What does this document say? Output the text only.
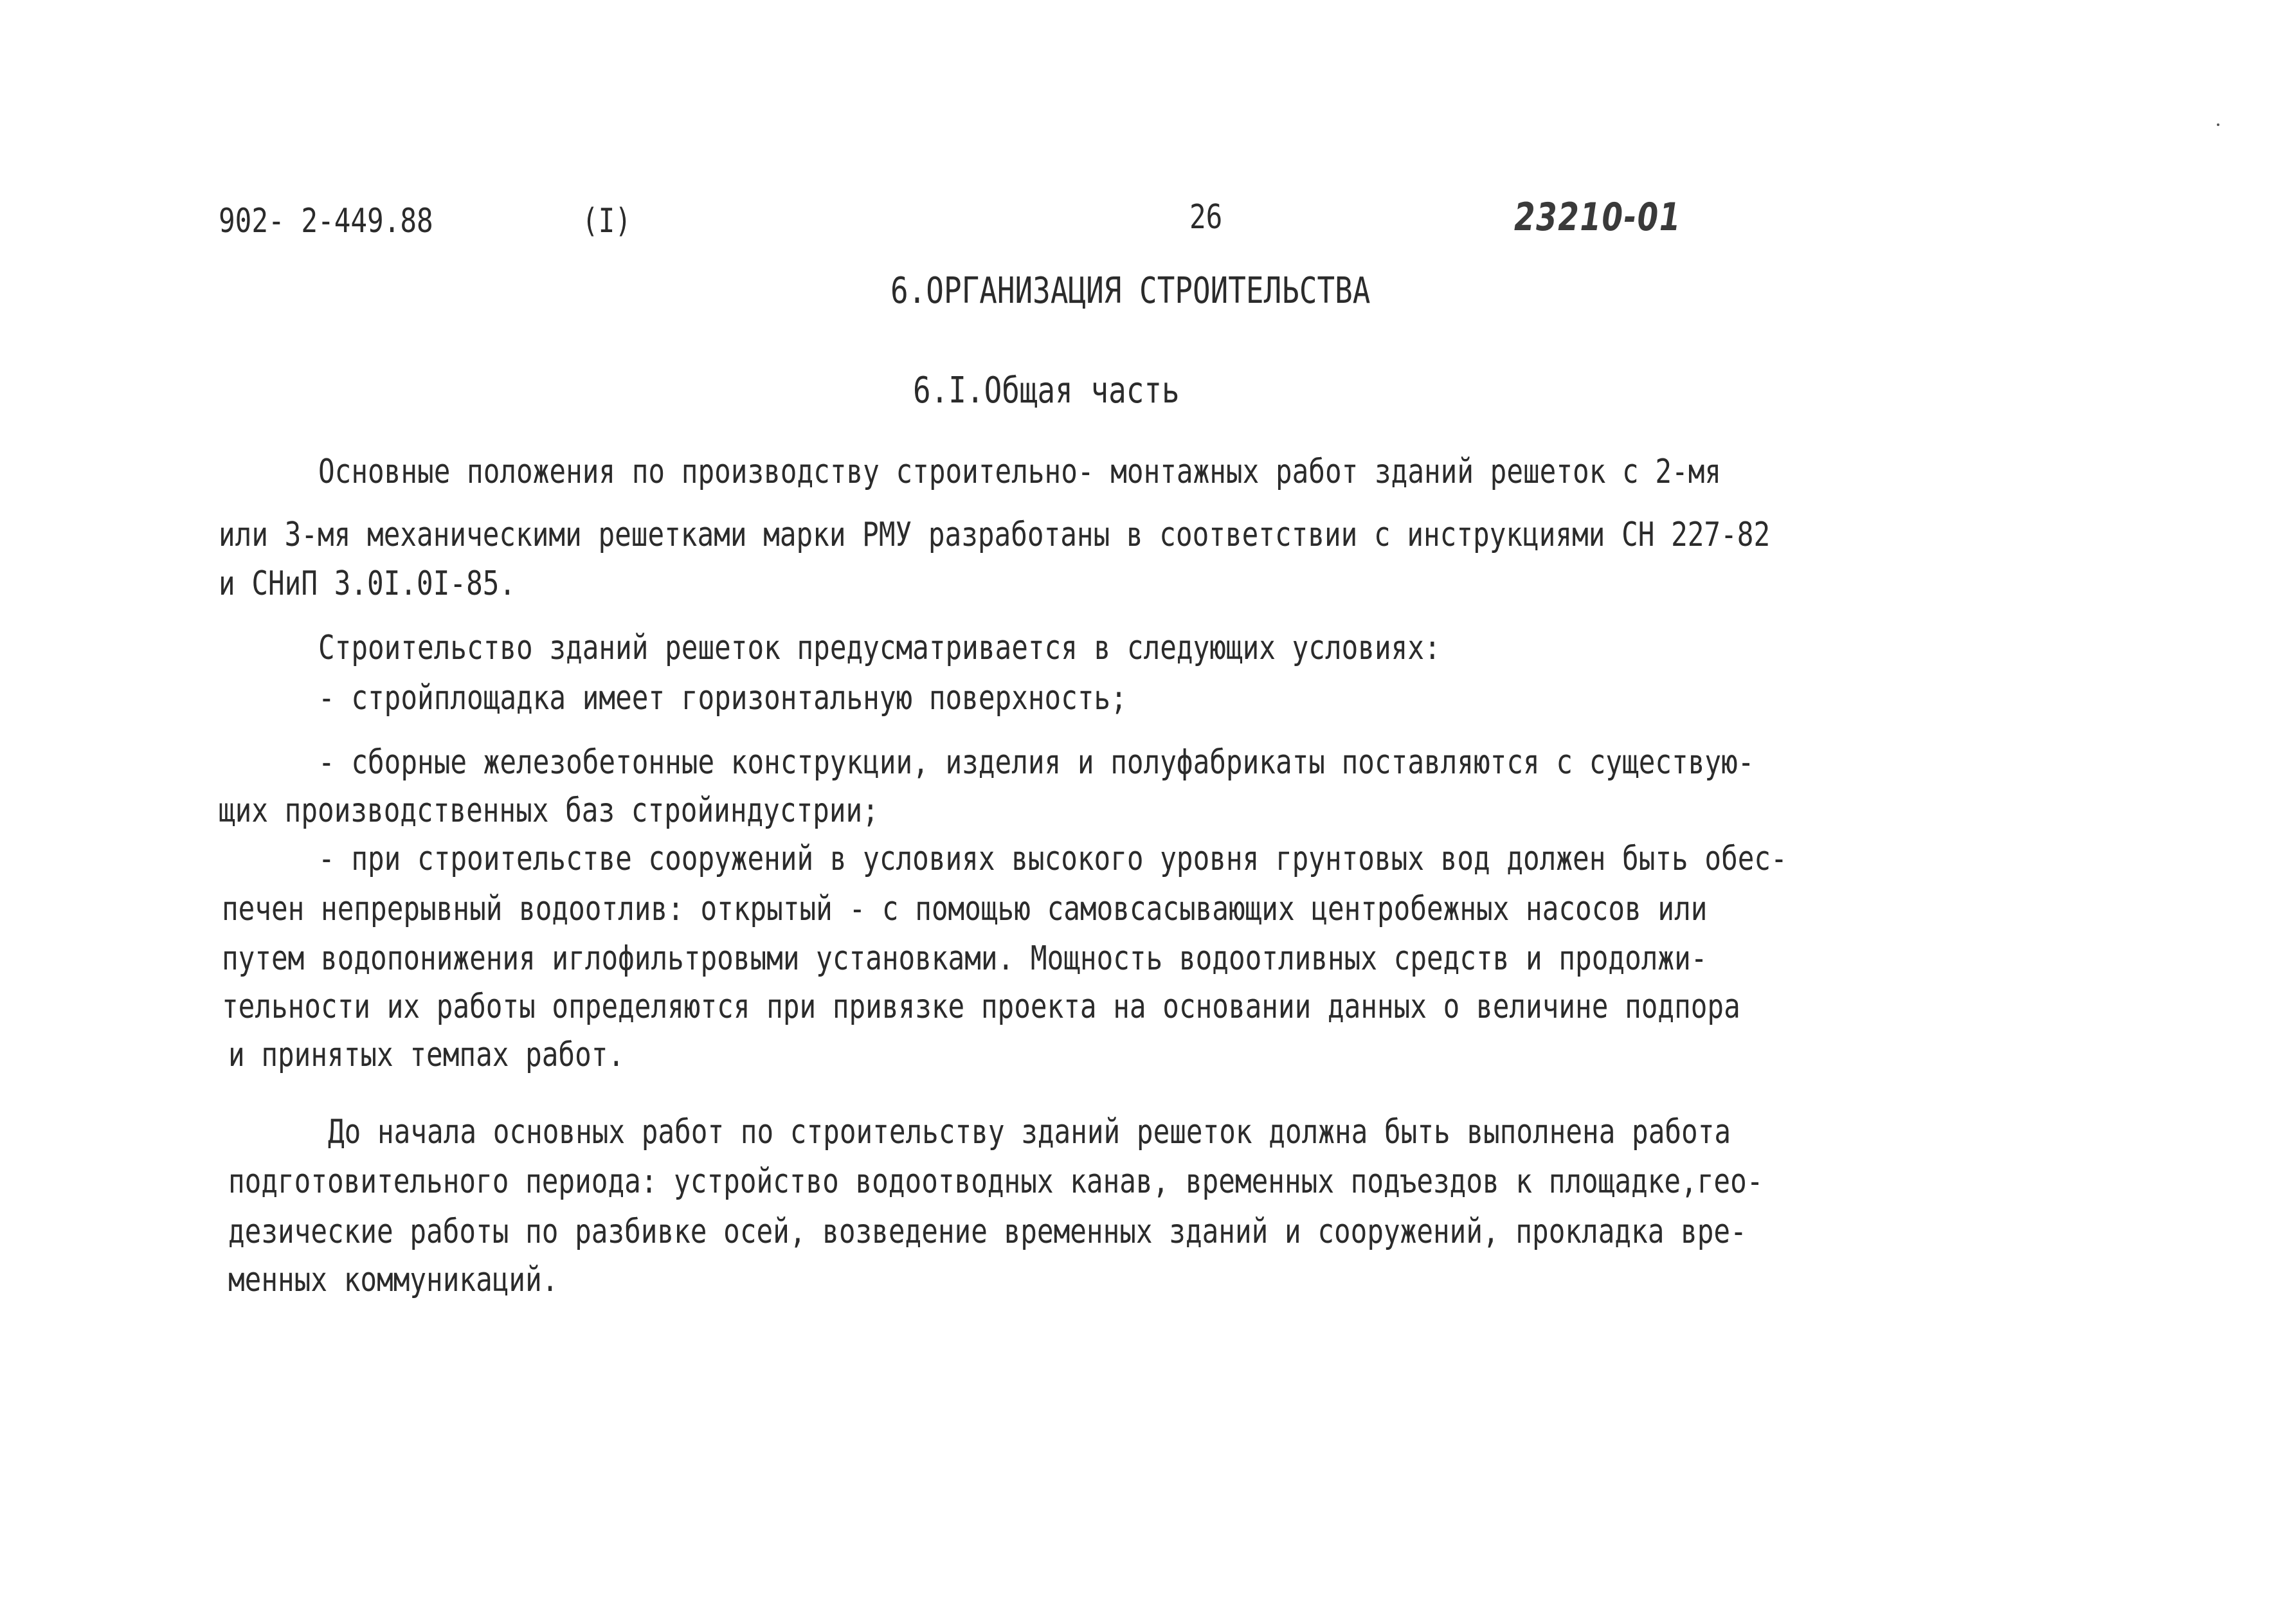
902- 2-449.88	(I)	26	23210-01
6.ОРГАНИЗАЦИЯ СТРОИТЕЛЬСТВА
6.I.Общая часть
Основные положения по производству строительно- монтажных работ зданий решеток с 2-мя
или 3-мя механическими решетками марки РМУ разработаны в соответствии с инструкциями СН 227-82
и СНиП 3.0I.0I-85.
Строительство зданий решеток предусматривается в следующих условиях:
- стройплощадка имеет горизонтальную поверхность;
- сборные железобетонные конструкции, изделия и полуфабрикаты поставляются с существую-
щих производственных баз стройиндустрии;
- при строительстве сооружений в условиях высокого уровня грунтовых вод должен быть обес-
печен непрерывный водоотлив: открытый - с помощью самовсасывающих центробежных насосов или
путем водопонижения иглофильтровыми установками. Мощность водоотливных средств и продолжи-
тельности их работы определяются при привязке проекта на основании данных о величине подпора
и принятых темпах работ.
До начала основных работ по строительству зданий решеток должна быть выполнена работа
подготовительного периода: устройство водоотводных канав, временных подъездов к площадке,гео-
дезические работы по разбивке осей, возведение временных зданий и сооружений, прокладка вре-
менных коммуникаций.
